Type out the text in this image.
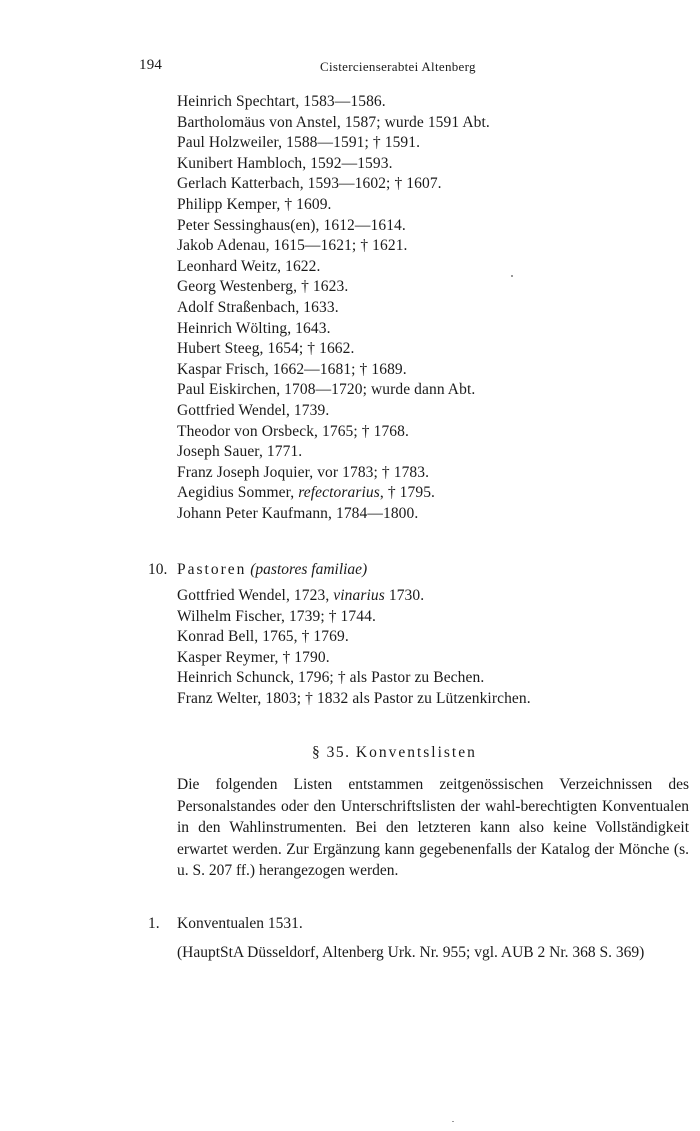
194	Cistercienserabtei Altenberg
Heinrich Spechtart, 1583—1586.
Bartholomäus von Anstel, 1587; wurde 1591 Abt.
Paul Holzweiler, 1588—1591; † 1591.
Kunibert Hambloch, 1592—1593.
Gerlach Katterbach, 1593—1602; † 1607.
Philipp Kemper, † 1609.
Peter Sessinghaus(en), 1612—1614.
Jakob Adenau, 1615—1621; † 1621.
Leonhard Weitz, 1622.
Georg Westenberg, † 1623.
Adolf Straßenbach, 1633.
Heinrich Wölting, 1643.
Hubert Steeg, 1654; † 1662.
Kaspar Frisch, 1662—1681; † 1689.
Paul Eiskirchen, 1708—1720; wurde dann Abt.
Gottfried Wendel, 1739.
Theodor von Orsbeck, 1765; † 1768.
Joseph Sauer, 1771.
Franz Joseph Joquier, vor 1783; † 1783.
Aegidius Sommer, refectorarius, † 1795.
Johann Peter Kaufmann, 1784—1800.
10. Pastoren (pastores familiae)
Gottfried Wendel, 1723, vinarius 1730.
Wilhelm Fischer, 1739; † 1744.
Konrad Bell, 1765, † 1769.
Kasper Reymer, † 1790.
Heinrich Schunck, 1796; † als Pastor zu Bechen.
Franz Welter, 1803; † 1832 als Pastor zu Lützenkirchen.
§ 35. Konventslisten
Die folgenden Listen entstammen zeitgenössischen Verzeichnissen des Personalstandes oder den Unterschriftslisten der wahl-berechtigten Konventualen in den Wahlinstrumenten. Bei den letzteren kann also keine Vollständigkeit erwartet werden. Zur Ergänzung kann gegebenenfalls der Katalog der Mönche (s. u. S. 207 ff.) herangezogen werden.
1. Konventualen 1531.
(HauptStA Düsseldorf, Altenberg Urk. Nr. 955; vgl. AUB 2 Nr. 368 S. 369)
